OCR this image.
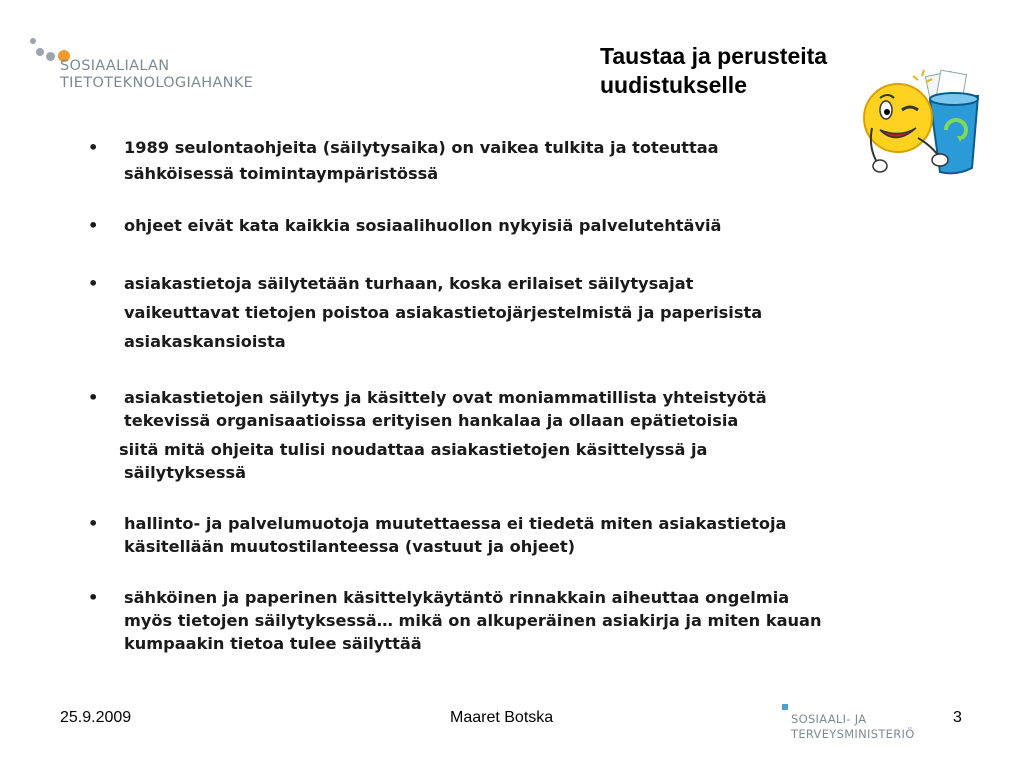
SOSIAALIALAN
TIETOTEKNOLOGIAHANKE
Taustaa ja perusteita
uudistukselle
• 1989 seulontaohjeita (säilytysaika) on vaikea tulkita ja toteuttaa

sähköisessä toimintaympäristössä

• ohjeet eivät kata kaikkia sosiaalihuollon nykyisiä palvelutehtäviä

• asiakastietoja säilytetään turhaan, koska erilaiset säilytysajat

vaikeuttavat tietojen poistoa asiakastietojärjestelmistä ja paperisista

asiakaskansioista

• asiakastietojen säilytys ja käsittely ovat moniammatillista yhteistyötä

tekevissä organisaatioissa erityisen hankalaa ja ollaan epätietoisia

siitä mitä ohjeita tulisi noudattaa asiakastietojen käsittelyssä ja

säilytyksessä

• hallinto- ja palvelumuotoja muutettaessa ei tiedetä miten asiakastietoja

käsitellään muutostilanteessa (vastuut ja ohjeet)

• sähköinen ja paperinen käsittelykäytäntö rinnakkain aiheuttaa ongelmia

myös tietojen säilytyksessä… mikä on alkuperäinen asiakirja ja miten kauan

kumpaakin tietoa tulee säilyttää

25.9.2009	Maaret Botska	SOSIAALI- JA
TERVEYSMINISTERIÖ
3
